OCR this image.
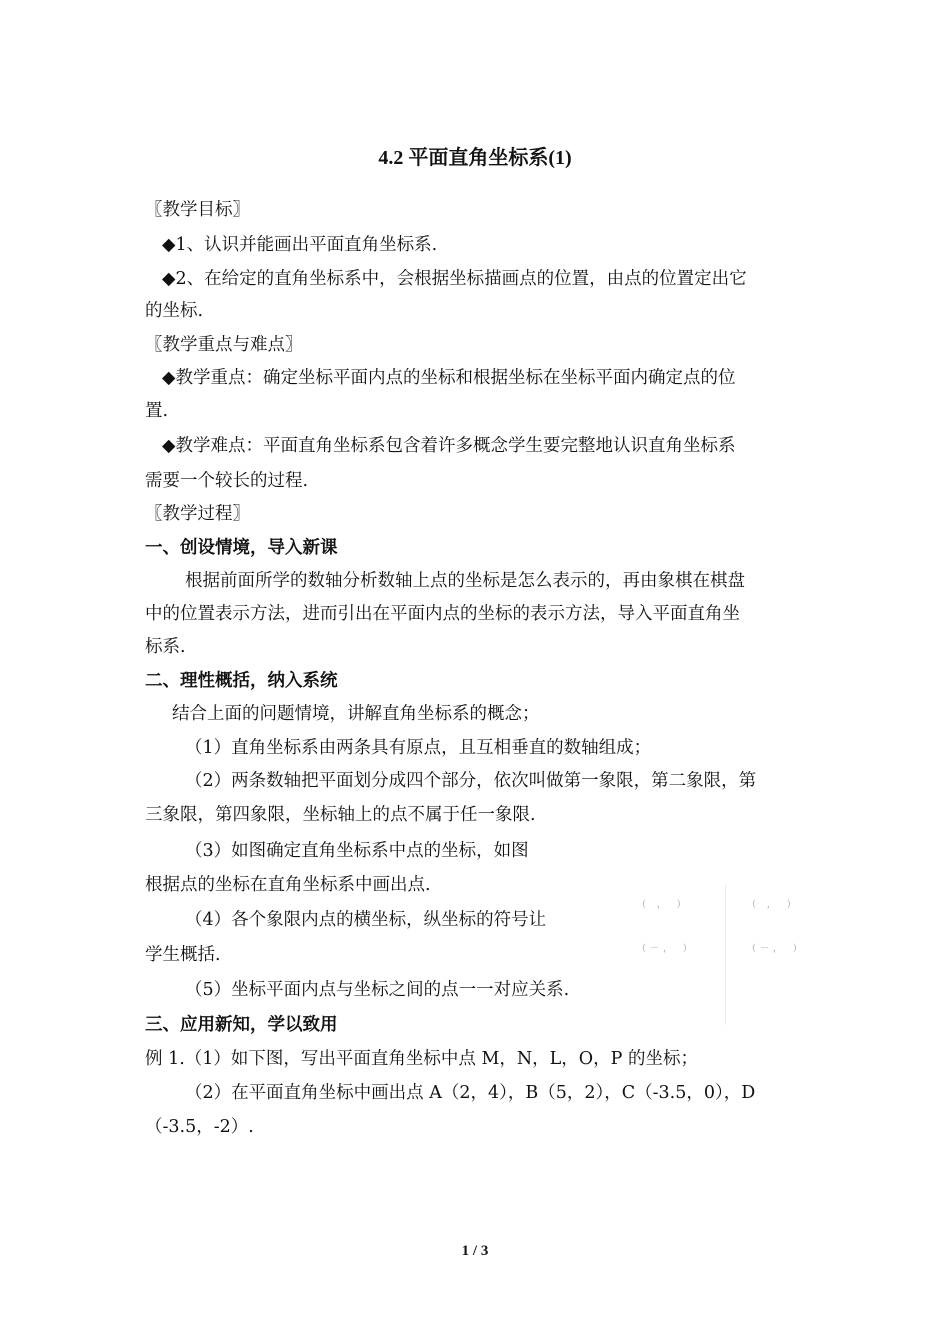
4.2 平面直角坐标系(1)
〖教学目标〗
◆1、认识并能画出平面直角坐标系.
◆2、在给定的直角坐标系中，会根据坐标描画点的位置，由点的位置定出它
的坐标.
〖教学重点与难点〗
◆教学重点：确定坐标平面内点的坐标和根据坐标在坐标平面内确定点的位
置.
◆教学难点：平面直角坐标系包含着许多概念学生要完整地认识直角坐标系
需要一个较长的过程.
〖教学过程〗
一、创设情境，导入新课
根据前面所学的数轴分析数轴上点的坐标是怎么表示的，再由象棋在棋盘
中的位置表示方法，进而引出在平面内点的坐标的表示方法，导入平面直角坐
标系.
二、理性概括，纳入系统
结合上面的问题情境，讲解直角坐标系的概念；
（1）直角坐标系由两条具有原点，且互相垂直的数轴组成；
（2）两条数轴把平面划分成四个部分，依次叫做第一象限，第二象限，第
三象限，第四象限，坐标轴上的点不属于任一象限.
（3）如图确定直角坐标系中点的坐标，如图
根据点的坐标在直角坐标系中画出点.
（4）各个象限内点的横坐标，纵坐标的符号让
学生概括.
（5）坐标平面内点与坐标之间的点一一对应关系.
三、应用新知，学以致用
例 1.（1）如下图，写出平面直角坐标中点 M，N，L，O，P 的坐标；
（2）在平面直角坐标中画出点 A（2，4），B（5，2），C（-3.5，0），D
（-3.5，-2）.
（ ， ）	（ ， ）
（－， ）	（－， ）
1 / 3
